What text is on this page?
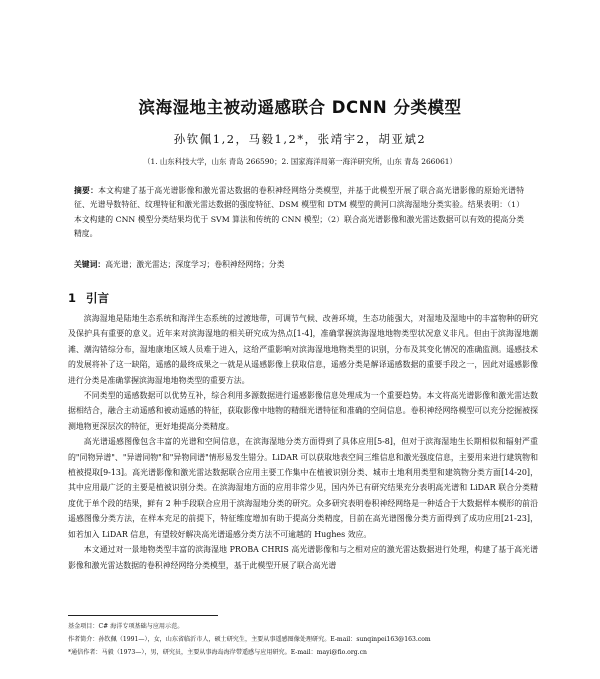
滨海湿地主被动遥感联合 DCNN 分类模型
孙钦佩1,2，马毅1,2*，张靖宇2，胡亚斌2
（1. 山东科技大学，山东 青岛 266590；2. 国家海洋局第一海洋研究所，山东 青岛 266061）
摘要：本文构建了基于高光谱影像和激光雷达数据的卷积神经网络分类模型，并基于此模型开展了联合高光谱影像的原始光谱特征、光谱导数特征、纹理特征和激光雷达数据的强度特征、DSM 模型和 DTM 模型的黄河口滨海湿地分类实验。结果表明：（1）本文构建的 CNN 模型分类结果均优于 SVM 算法和传统的 CNN 模型；（2）联合高光谱影像和激光雷达数据可以有效的提高分类精度。
关键词：高光谱；激光雷达；深度学习；卷积神经网络；分类
1 引言

滨海湿地是陆地生态系统和海洋生态系统的过渡地带，可调节气候、改善环境，生态功能强大，对湿地及湿地中的丰富物种的研究及保护具有重要的意义。近年来对滨海湿地的相关研究成为热点[1-4]，准确掌握滨海湿地地物类型状况意义非凡。但由于滨海湿地潮滩、潮沟错综分布，湿地康地区域人员难于进入，这给严重影响对滨海湿地地物类型的识别，分布及其变化情况的准确监测。遥感技术的发展将补了这一缺陷，遥感的最终成果之一就是从遥感影像上获取信息，遥感分类是解译遥感数据的重要手段之一，因此对遥感影像进行分类是准确掌握滨海湿地地物类型的重要方法。

不同类型的遥感数据可以优势互补，综合利用多源数据进行遥感影像信息处理成为一个重要趋势。本文将高光谱影像和激光雷达数据相结合，融合主动遥感和被动遥感的特征，获取影像中地物的精细光谱特征和准确的空间信息。卷积神经网络模型可以充分挖掘被探测地物更深层次的特征，更好地提高分类精度。

高光谱遥感图像包含丰富的光谱和空间信息，在滨海湿地分类方面得到了具体应用[5-8]，但对于滨海湿地生长期相似和辐射严重的"同物异谱"、"异谱同物"和"异物同谱"情形易发生错分。LiDAR 可以获取地表空间三维信息和激光强度信息，主要用来进行建筑物和植被提取[9-13]。高光谱影像和激光雷达数据联合应用主要工作集中在植被识别分类、城市土地利用类型和建筑物分类方面[14-20]，其中应用最广泛的主要是植被识别分类。在滨海湿地方面的应用非常少见，国内外已有研究结果充分表明高光谱和 LiDAR 联合分类精度优于单个段的结果，鲜有 2 种手段联合应用于滨海湿地分类的研究。众多研究表明卷积神经网络是一种适合于大数据样本模形的前沿遥感图像分类方法，在样本充足的前提下，特征维度增加有助于提高分类精度，目前在高光谱图像分类方面得到了成功应用[21-23]，如若加入 LiDAR 信息，有望较好解决高光谱遥感分类方法不可逾越的 Hughes 效应。

本文通过对一景地物类型丰富的滨海湿地 PROBA CHRIS 高光谱影像和与之相对应的激光雷达数据进行处理，构建了基于高光谱影像和激光雷达数据的卷积神经网络分类模型，基于此模型开展了联合高光谱

基金项目：C# 海洋专项基础与应用示范。
作者简介：孙钦佩（1991—），女，山东省临沂市人，硕士研究生，主要从事遥感图像处理研究。E-mail：sunqinpei163@163.com
*通信作者：马毅（1973—），男，研究员，主要从事海岛海岸带遥感与应用研究。E-mail：mayi@fio.org.cn
